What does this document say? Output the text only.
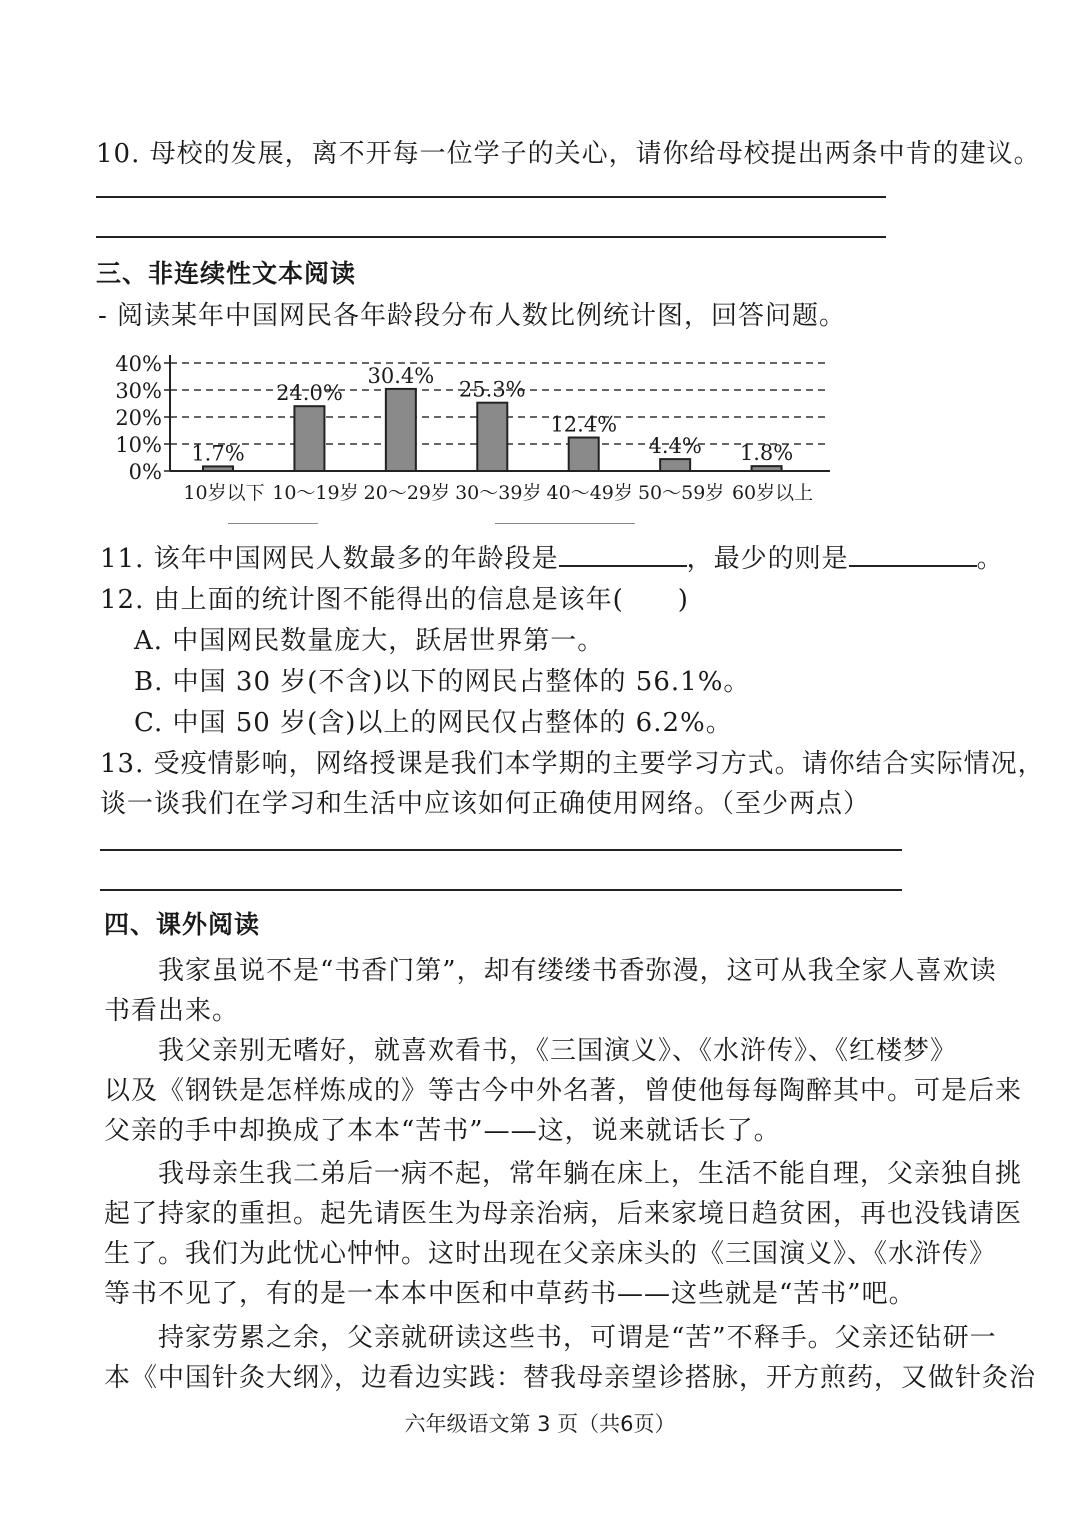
10. 母校的发展，离不开每一位学子的关心，请你给母校提出两条中肯的建议。
三、非连续性文本阅读
- 阅读某年中国网民各年龄段分布人数比例统计图，回答问题。
0%
10%
20%
30%
40%
1.7%
10岁以下
24.0%
10～19岁
30.4%
20～29岁
25.3%
30～39岁
12.4%
40～49岁
4.4%
50～59岁
1.8%
60岁以上
11. 该年中国网民人数最多的年龄段是	，最少的则是	。
12. 由上面的统计图不能得出的信息是该年(　　)
A. 中国网民数量庞大，跃居世界第一。
B. 中国 30 岁(不含)以下的网民占整体的 56.1%。
C. 中国 50 岁(含)以上的网民仅占整体的 6.2%。
13. 受疫情影响，网络授课是我们本学期的主要学习方式。请你结合实际情况，
谈一谈我们在学习和生活中应该如何正确使用网络。（至少两点）
四、课外阅读
　　我家虽说不是“书香门第”，却有缕缕书香弥漫，这可从我全家人喜欢读
书看出来。
　　我父亲别无嗜好，就喜欢看书，《三国演义》、《水浒传》、《红楼梦》
以及《钢铁是怎样炼成的》等古今中外名著，曾使他每每陶醉其中。可是后来
父亲的手中却换成了本本“苦书”——这，说来就话长了。
　　我母亲生我二弟后一病不起，常年躺在床上，生活不能自理，父亲独自挑
起了持家的重担。起先请医生为母亲治病，后来家境日趋贫困，再也没钱请医
生了。我们为此忧心忡忡。这时出现在父亲床头的《三国演义》、《水浒传》
等书不见了，有的是一本本中医和中草药书——这些就是“苦书”吧。
　　持家劳累之余，父亲就研读这些书，可谓是“苦”不释手。父亲还钻研一
本《中国针灸大纲》，边看边实践：替我母亲望诊搭脉，开方煎药，又做针灸治
六年级语文第 3 页（共6页）
